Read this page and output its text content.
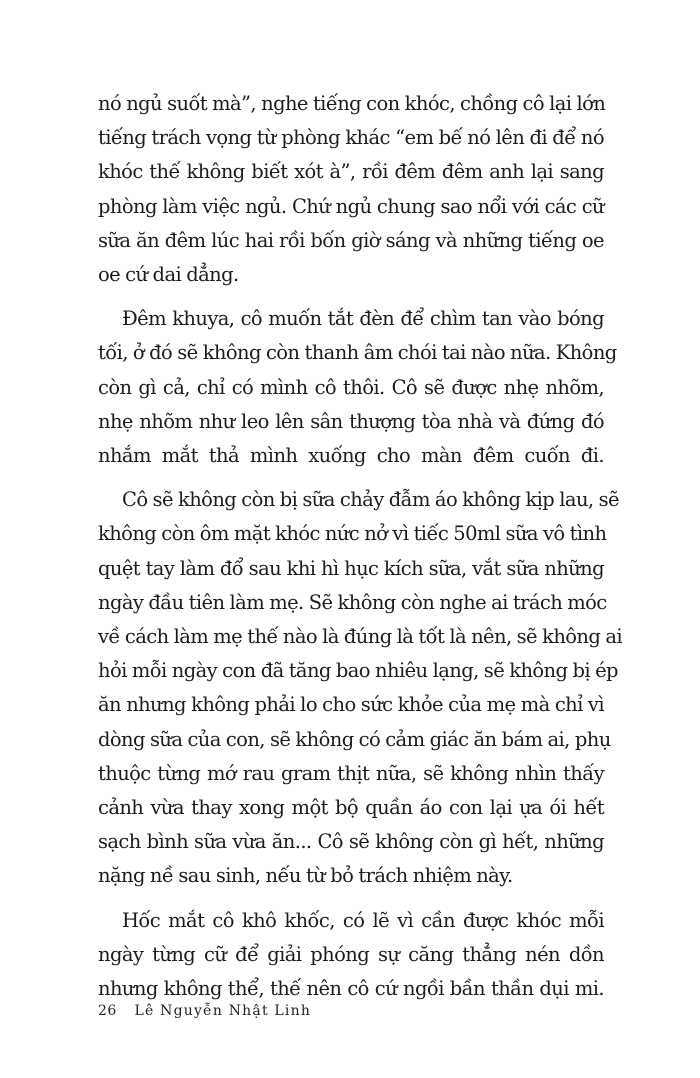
nó ngủ suốt mà”, nghe tiếng con khóc, chồng cô lại lớn
tiếng trách vọng từ phòng khác “em bế nó lên đi để nó
khóc thế không biết xót à”, rồi đêm đêm anh lại sang
phòng làm việc ngủ. Chứ ngủ chung sao nổi với các cữ
sữa ăn đêm lúc hai rồi bốn giờ sáng và những tiếng oe
oe cứ dai dẳng.
Đêm khuya, cô muốn tắt đèn để chìm tan vào bóng
tối, ở đó sẽ không còn thanh âm chói tai nào nữa. Không
còn gì cả, chỉ có mình cô thôi. Cô sẽ được nhẹ nhõm,
nhẹ nhõm như leo lên sân thượng tòa nhà và đứng đó
nhắm mắt thả mình xuống cho màn đêm cuốn đi.
Cô sẽ không còn bị sữa chảy đẫm áo không kịp lau, sẽ
không còn ôm mặt khóc nức nở vì tiếc 50ml sữa vô tình
quệt tay làm đổ sau khi hì hục kích sữa, vắt sữa những
ngày đầu tiên làm mẹ. Sẽ không còn nghe ai trách móc
về cách làm mẹ thế nào là đúng là tốt là nên, sẽ không ai
hỏi mỗi ngày con đã tăng bao nhiêu lạng, sẽ không bị ép
ăn nhưng không phải lo cho sức khỏe của mẹ mà chỉ vì
dòng sữa của con, sẽ không có cảm giác ăn bám ai, phụ
thuộc từng mớ rau gram thịt nữa, sẽ không nhìn thấy
cảnh vừa thay xong một bộ quần áo con lại ựa ói hết
sạch bình sữa vừa ăn... Cô sẽ không còn gì hết, những
nặng nề sau sinh, nếu từ bỏ trách nhiệm này.
Hốc mắt cô khô khốc, có lẽ vì cần được khóc mỗi
ngày từng cữ để giải phóng sự căng thẳng nén dồn
nhưng không thể, thế nên cô cứ ngồi bần thần dụi mi.
26 Lê Nguyễn Nhật Linh
